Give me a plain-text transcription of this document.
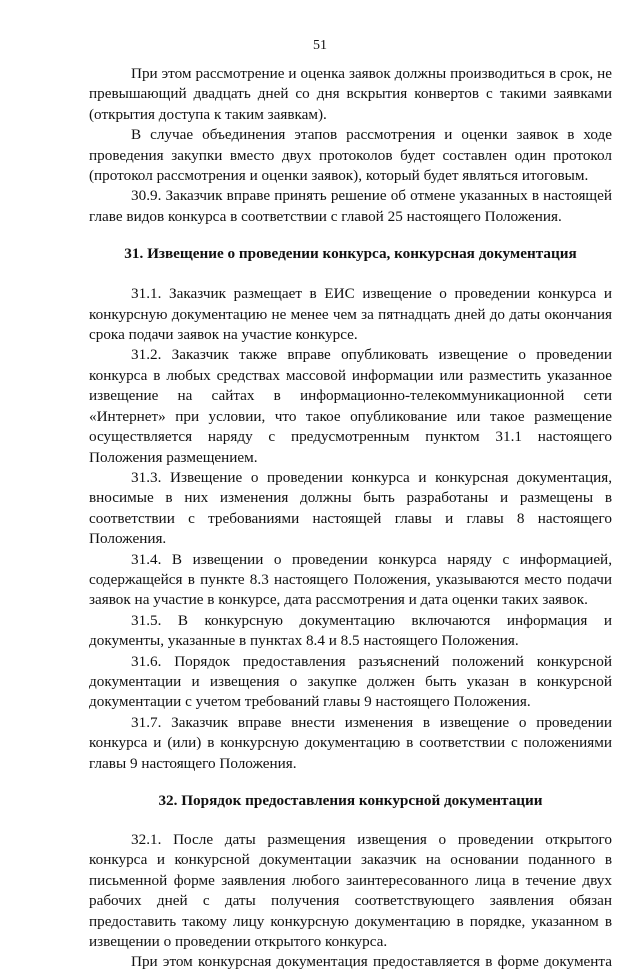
51

При этом рассмотрение и оценка заявок должны производиться в срок, не превышающий двадцать дней со дня вскрытия конвертов с такими заявками (открытия доступа к таким заявкам).

В случае объединения этапов рассмотрения и оценки заявок в ходе проведения закупки вместо двух протоколов будет составлен один протокол (протокол рассмотрения и оценки заявок), который будет являться итоговым.

30.9. Заказчик вправе принять решение об отмене указанных в настоящей главе видов конкурса в соответствии с главой 25 настоящего Положения.

31. Извещение о проведении конкурса, конкурсная документация

31.1. Заказчик размещает в ЕИС извещение о проведении конкурса и конкурсную документацию не менее чем за пятнадцать дней до даты окончания срока подачи заявок на участие конкурсе.

31.2. Заказчик также вправе опубликовать извещение о проведении конкурса в любых средствах массовой информации или разместить указанное извещение на сайтах в информационно-телекоммуникационной сети «Интернет» при условии, что такое опубликование или такое размещение осуществляется наряду с предусмотренным пунктом 31.1 настоящего Положения размещением.

31.3. Извещение о проведении конкурса и конкурсная документация, вносимые в них изменения должны быть разработаны и размещены в соответствии с требованиями настоящей главы и главы 8 настоящего Положения.

31.4. В извещении о проведении конкурса наряду с информацией, содержащейся в пункте 8.3 настоящего Положения, указываются место подачи заявок на участие в конкурсе, дата рассмотрения и дата оценки таких заявок.

31.5. В конкурсную документацию включаются информация и документы, указанные в пунктах 8.4 и 8.5 настоящего Положения.

31.6. Порядок предоставления разъяснений положений конкурсной документации и извещения о закупке должен быть указан в конкурсной документации с учетом требований главы 9 настоящего Положения.

31.7. Заказчик вправе внести изменения в извещение о проведении конкурса и (или) в конкурсную документацию в соответствии с положениями главы 9 настоящего Положения.

32. Порядок предоставления конкурсной документации

32.1. После даты размещения извещения о проведении открытого конкурса и конкурсной документации заказчик на основании поданного в письменной форме заявления любого заинтересованного лица в течение двух рабочих дней с даты получения соответствующего заявления обязан предоставить такому лицу конкурсную документацию в порядке, указанном в извещении о проведении открытого конкурса.

При этом конкурсная документация предоставляется в форме документа
